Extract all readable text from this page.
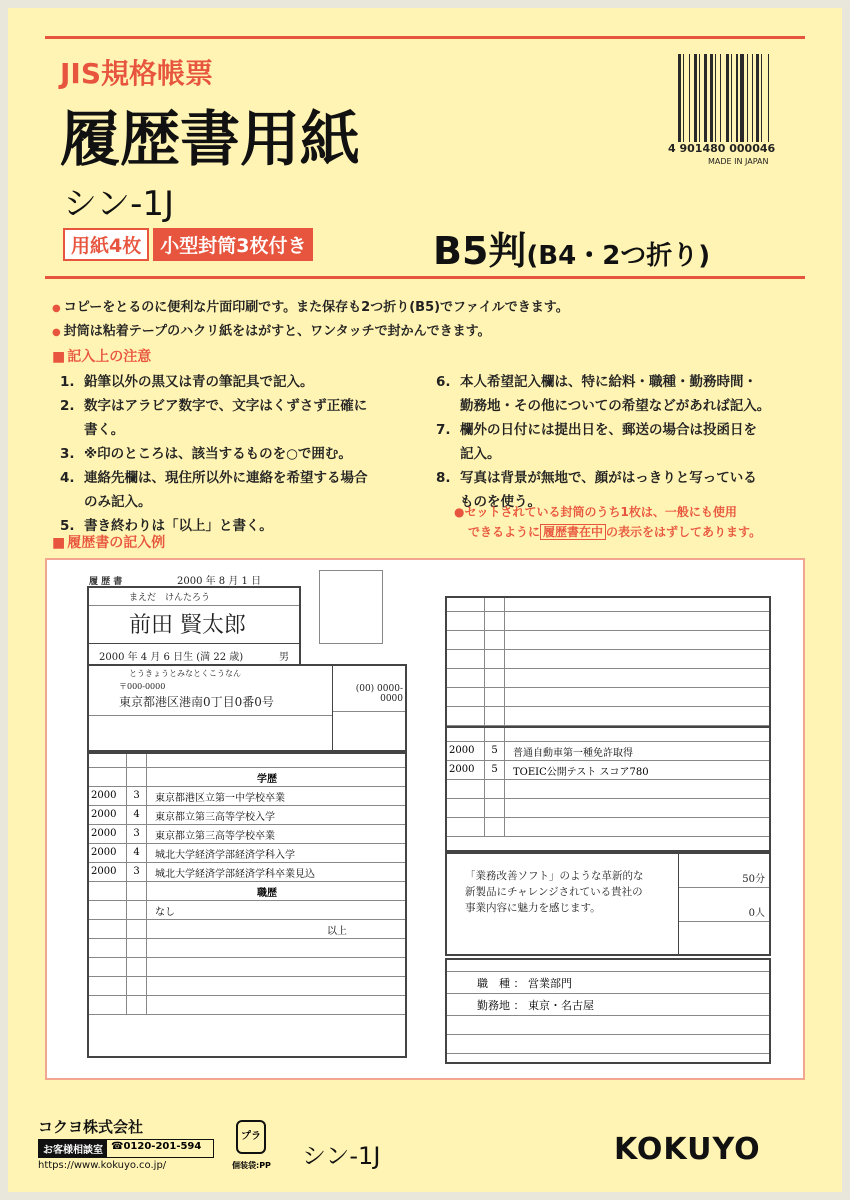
JIS規格帳票
履歴書用紙
シン-1J
用紙4枚	小型封筒3枚付き	B5判(B4・2つ折り)
4 901480 000046
MADE IN JAPAN
● コピーをとるのに便利な片面印刷です。また保存も2つ折り(B5)でファイルできます。
● 封筒は粘着テープのハクリ紙をはがすと、ワンタッチで封かんできます。
■ 記入上の注意
1. 鉛筆以外の黒又は青の筆記具で記入。
2. 数字はアラビア数字で、文字はくずさず正確に
書く。
3. ※印のところは、該当するものを○で囲む。
4. 連絡先欄は、現住所以外に連絡を希望する場合
のみ記入。
5. 書き終わりは「以上」と書く。
6. 本人希望記入欄は、特に給料・職種・勤務時間・
勤務地・その他についての希望などがあれば記入。
7. 欄外の日付には提出日を、郵送の場合は投函日を
記入。
8. 写真は背景が無地で、顔がはっきりと写っている
ものを使う。
●セットされている封筒のうち1枚は、一般にも使用
できるように 履歴書在中 の表示をはずしてあります。
■ 履歴書の記入例
履 歴 書	2000 年 8 月 1 日
まえだ　けんたろう
前田 賢太郎
2000 年 4 月 6 日生 (満 22 歳)	男
とうきょうとみなとくこうなん
〒000-0000
東京都港区港南0丁目0番0号
(00) 0000-0000
学歴
2000	3	東京都港区立第一中学校卒業
2000	4	東京都立第三高等学校入学
2000	3	東京都立第三高等学校卒業
2000	4	城北大学経済学部経済学科入学
2000	3	城北大学経済学部経済学科卒業見込
職歴
なし
以上
2000	5	普通自動車第一種免許取得
2000	5	TOEIC公開テスト スコア780
「業務改善ソフト」のような革新的な
新製品にチャレンジされている貴社の
事業内容に魅力を感じます。
50分
0人
職　種 ： 営業部門
勤務地 ： 東京・名古屋
コクヨ株式会社
お客様相談室 ☎0120-201-594
https://www.kokuyo.co.jp/
プラ
個装袋:PP シン-1J	KOKUYO
